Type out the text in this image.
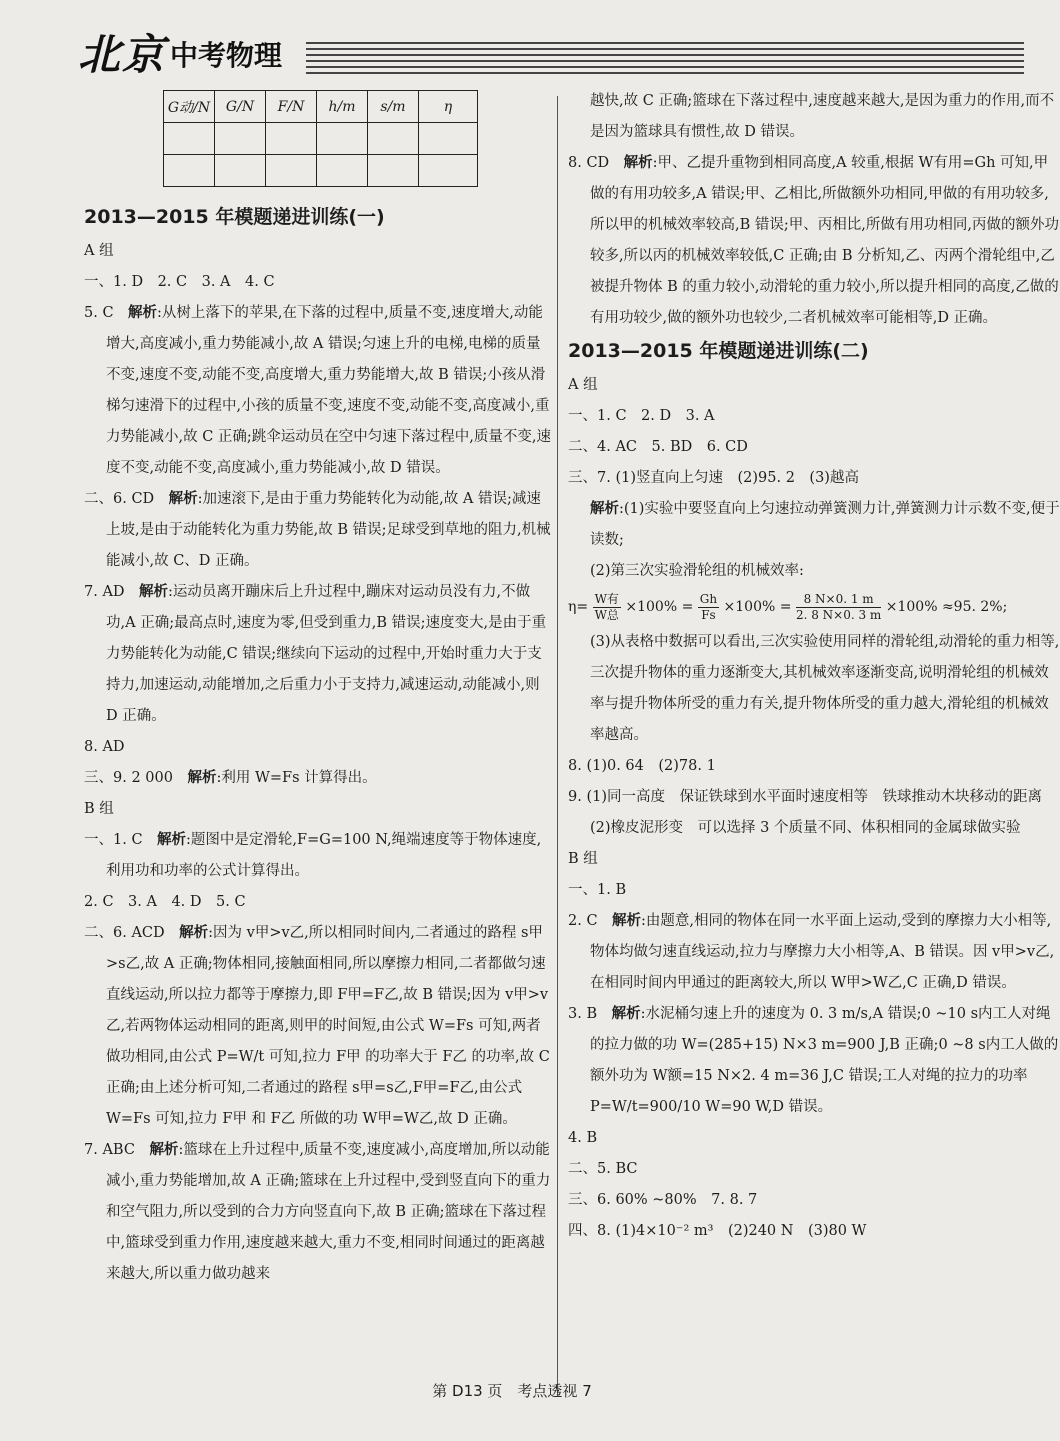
北京 中考物理
G动/N	G/N	F/N	h/m	s/m	η

2013—2015 年模题递进训练(一)

A 组

一、1. D　2. C　3. A　4. C

5. C　解析:从树上落下的苹果,在下落的过程中,质量不变,速度增大,动能增大,高度减小,重力势能减小,故 A 错误;匀速上升的电梯,电梯的质量不变,速度不变,动能不变,高度增大,重力势能增大,故 B 错误;小孩从滑梯匀速滑下的过程中,小孩的质量不变,速度不变,动能不变,高度减小,重力势能减小,故 C 正确;跳伞运动员在空中匀速下落过程中,质量不变,速度不变,动能不变,高度减小,重力势能减小,故 D 错误。

二、6. CD　解析:加速滚下,是由于重力势能转化为动能,故 A 错误;减速上坡,是由于动能转化为重力势能,故 B 错误;足球受到草地的阻力,机械能减小,故 C、D 正确。

7. AD　解析:运动员离开蹦床后上升过程中,蹦床对运动员没有力,不做功,A 正确;最高点时,速度为零,但受到重力,B 错误;速度变大,是由于重力势能转化为动能,C 错误;继续向下运动的过程中,开始时重力大于支持力,加速运动,动能增加,之后重力小于支持力,减速运动,动能减小,则 D 正确。

8. AD

三、9. 2 000　解析:利用 W=Fs 计算得出。

B 组

一、1. C　解析:题图中是定滑轮,F=G=100 N,绳端速度等于物体速度,利用功和功率的公式计算得出。

2. C　3. A　4. D　5. C

二、6. ACD　解析:因为 v甲>v乙,所以相同时间内,二者通过的路程 s甲>s乙,故 A 正确;物体相同,接触面相同,所以摩擦力相同,二者都做匀速直线运动,所以拉力都等于摩擦力,即 F甲=F乙,故 B 错误;因为 v甲>v乙,若两物体运动相同的距离,则甲的时间短,由公式 W=Fs 可知,两者做功相同,由公式 P=W/t 可知,拉力 F甲 的功率大于 F乙 的功率,故 C 正确;由上述分析可知,二者通过的路程 s甲=s乙,F甲=F乙,由公式 W=Fs 可知,拉力 F甲 和 F乙 所做的功 W甲=W乙,故 D 正确。

7. ABC　解析:篮球在上升过程中,质量不变,速度减小,高度增加,所以动能减小,重力势能增加,故 A 正确;篮球在上升过程中,受到竖直向下的重力和空气阻力,所以受到的合力方向竖直向下,故 B 正确;篮球在下落过程中,篮球受到重力作用,速度越来越大,重力不变,相同时间通过的距离越来越大,所以重力做功越来

越快,故 C 正确;篮球在下落过程中,速度越来越大,是因为重力的作用,而不是因为篮球具有惯性,故 D 错误。

8. CD　解析:甲、乙提升重物到相同高度,A 较重,根据 W有用=Gh 可知,甲做的有用功较多,A 错误;甲、乙相比,所做额外功相同,甲做的有用功较多,所以甲的机械效率较高,B 错误;甲、丙相比,所做有用功相同,丙做的额外功较多,所以丙的机械效率较低,C 正确;由 B 分析知,乙、丙两个滑轮组中,乙被提升物体 B 的重力较小,动滑轮的重力较小,所以提升相同的高度,乙做的有用功较少,做的额外功也较少,二者机械效率可能相等,D 正确。

2013—2015 年模题递进训练(二)

A 组

一、1. C　2. D　3. A

二、4. AC　5. BD　6. CD

三、7. (1)竖直向上匀速　(2)95. 2　(3)越高

解析:(1)实验中要竖直向上匀速拉动弹簧测力计,弹簧测力计示数不变,便于读数;

(2)第三次实验滑轮组的机械效率:

$\eta= \frac{\text{W有}}{\text{W总}} \times 100\% = \frac{Gh}{Fs} \times 100\% = \frac{8 N\times 0. 1 m}{2. 8 N\times 0. 3 m} \times 100\% \approx 95$. 2%;

(3)从表格中数据可以看出,三次实验使用同样的滑轮组,动滑轮的重力相等,三次提升物体的重力逐渐变大,其机械效率逐渐变高,说明滑轮组的机械效率与提升物体所受的重力有关,提升物体所受的重力越大,滑轮组的机械效率越高。

8. (1)0. 64　(2)78. 1

9. (1)同一高度　保证铁球到水平面时速度相等　铁球推动木块移动的距离　(2)橡皮泥形变　可以选择 3 个质量不同、体积相同的金属球做实验

B 组

一、1. B

2. C　解析:由题意,相同的物体在同一水平面上运动,受到的摩擦力大小相等,物体均做匀速直线运动,拉力与摩擦力大小相等,A、B 错误。因 v甲>v乙,在相同时间内甲通过的距离较大,所以 W甲>W乙,C 正确,D 错误。

3. B　解析:水泥桶匀速上升的速度为 0. 3 m/s,A 错误;0 ~10 s内工人对绳的拉力做的功 W=(285+15) N×3 m=900 J,B 正确;0 ~8 s内工人做的额外功为 W额=15 N×2. 4 m=36 J,C 错误;工人对绳的拉力的功率 P=W/t=900/10 W=90 W,D 错误。

4. B

二、5. BC

三、6. 60% ~80%　7. 8. 7

四、8. (1)4×10⁻² m³　(2)240 N　(3)80 W

第 D13 页　考点透视 7
